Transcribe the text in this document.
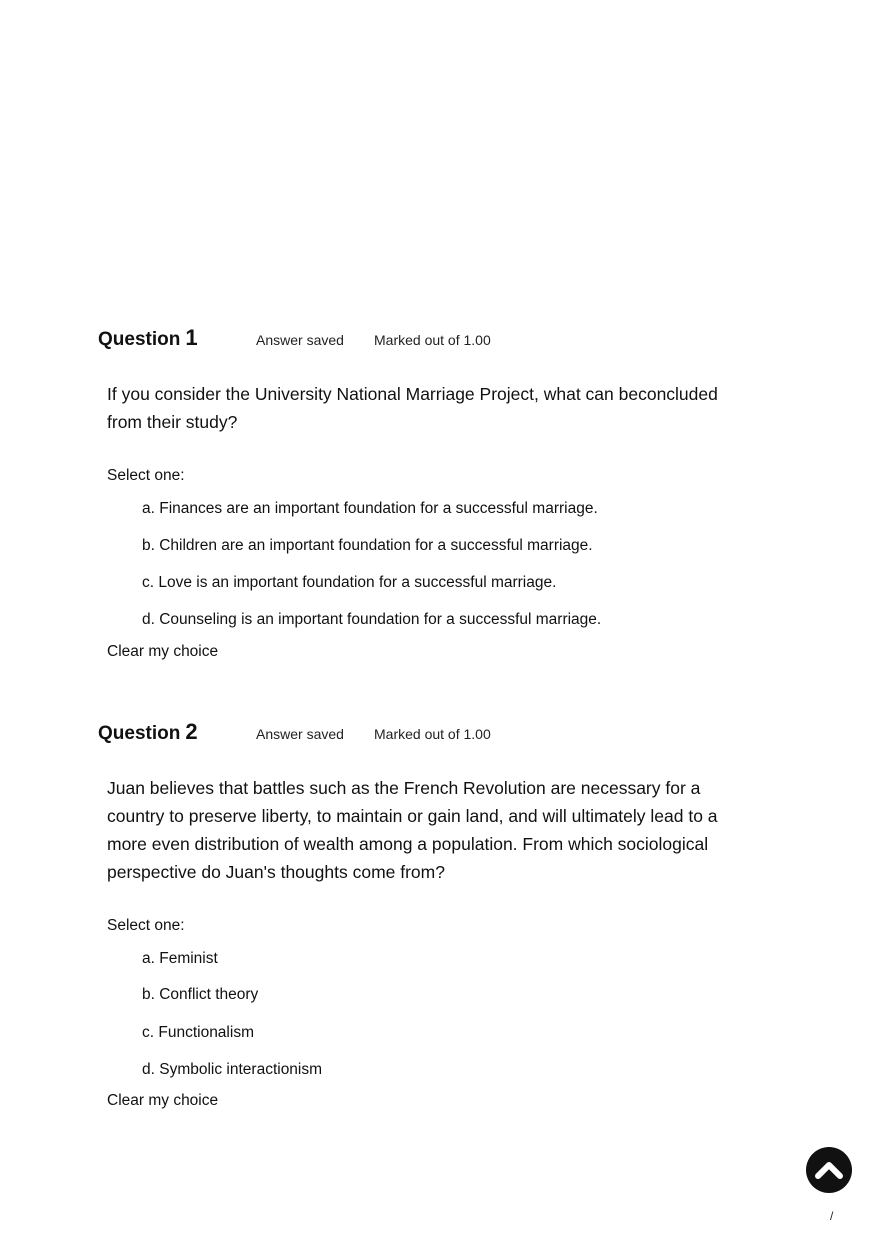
Question 1	Answer saved	Marked out of 1.00
If you consider the University National Marriage Project, what can beconcluded from their study?
Select one:
a. Finances are an important foundation for a successful marriage.
b. Children are an important foundation for a successful marriage.
c. Love is an important foundation for a successful marriage.
d. Counseling is an important foundation for a successful marriage.
Clear my choice
Question 2	Answer saved	Marked out of 1.00
Juan believes that battles such as the French Revolution are necessary for a country to preserve liberty, to maintain or gain land, and will ultimately lead to a more even distribution of wealth among a population. From which sociological perspective do Juan's thoughts come from?
Select one:
a. Feminist
b. Conflict theory
c. Functionalism
d. Symbolic interactionism
Clear my choice
/
